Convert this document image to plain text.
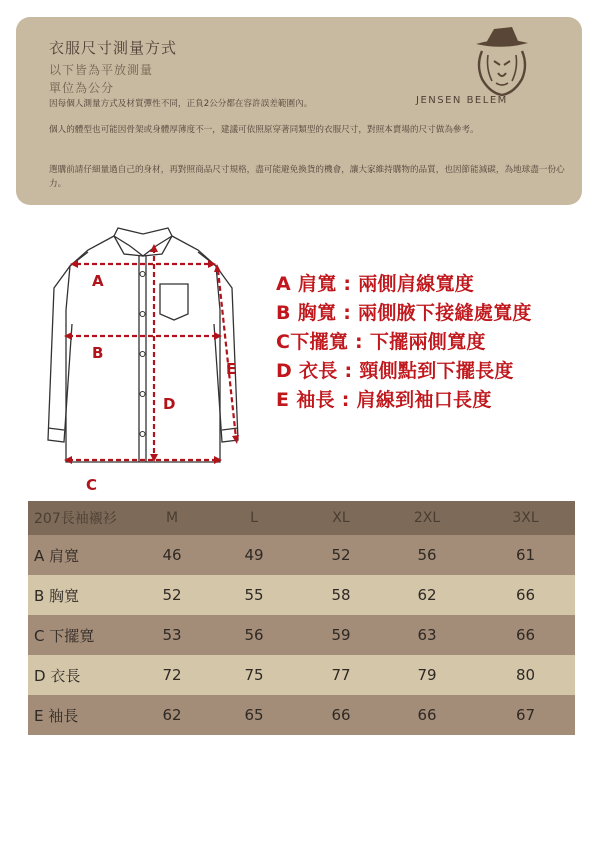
衣服尺寸測量方式
以下皆為平放測量
單位為公分
因每個人測量方式及材質彈性不同，正負2公分都在容許誤差範圍內。
個人的體型也可能因骨架或身體厚薄度不一，建議可依照原穿著同類型的衣服尺寸，對照本賣場的尺寸做為參考。
選購前請仔細量過自己的身材，再對照商品尺寸規格，盡可能避免換貨的機會，讓大家維持購物的品質，也因節能減碳，為地球盡一份心力。
JENSEN BELEM
A
B
C
D
E
A 肩寬 : 兩側肩線寬度
B 胸寬 : 兩側腋下接縫處寬度
C下擺寬 : 下擺兩側寬度
D 衣長 : 頸側點到下擺長度
E 袖長 : 肩線到袖口長度
207長袖襯衫	M	L	XL	2XL	3XL
A 肩寬	46	49	52	56	61
B 胸寬	52	55	58	62	66
C 下擺寬	53	56	59	63	66
D 衣長	72	75	77	79	80
E 袖長	62	65	66	66	67
